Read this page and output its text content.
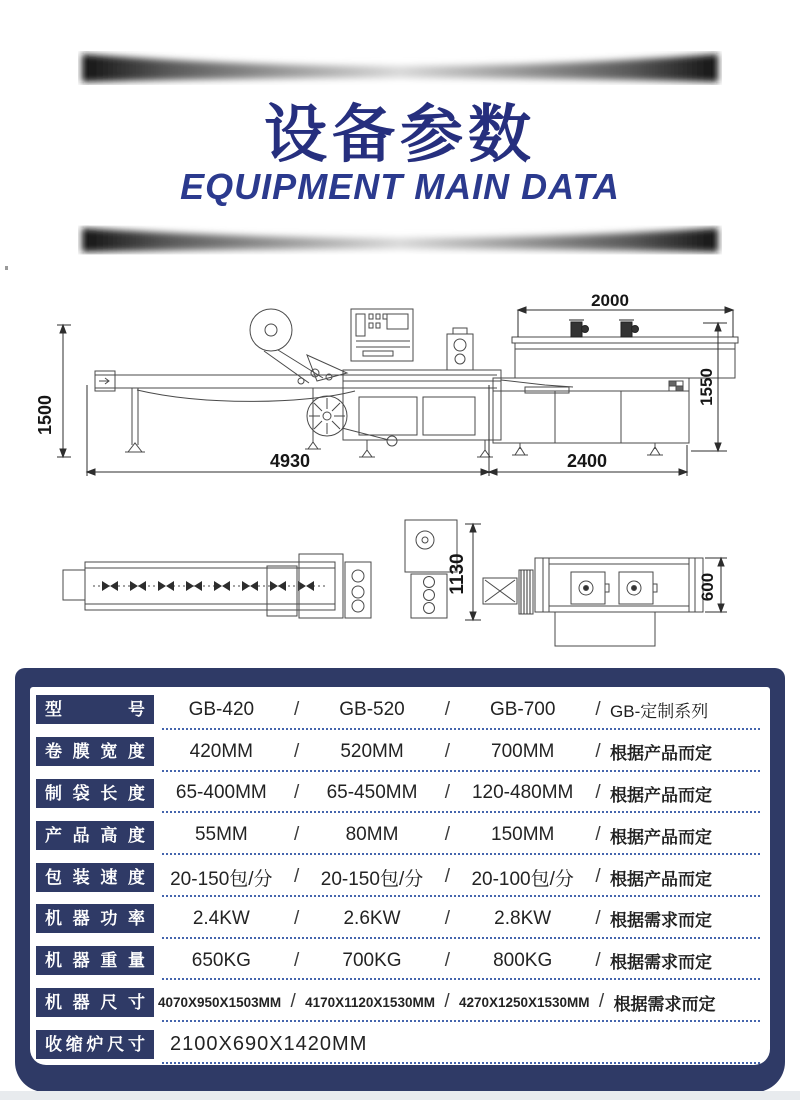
设备参数
EQUIPMENT MAIN DATA
2000
1500
1550
4930	2400
1130	600
型号	GB-420	/	GB-520	/	GB-700	/ GB-定制系列
卷膜宽度	420MM	/	520MM	/	700MM	/ 根据产品而定
制袋长度	65-400MM	/	65-450MM	/	120-480MM	/ 根据产品而定
产品高度	55MM	/	80MM	/	150MM	/ 根据产品而定
包装速度	20-150包/分	/	20-150包/分	/	20-100包/分	/ 根据产品而定
机器功率	2.4KW	/	2.6KW	/	2.8KW	/ 根据需求而定
机器重量	650KG	/	700KG	/	800KG	/ 根据需求而定
机器尺寸 4070X950X1503MM / 4170X1120X1530MM / 4270X1250X1530MM / 根据需求而定
收缩炉尺寸	2100X690X1420MM
